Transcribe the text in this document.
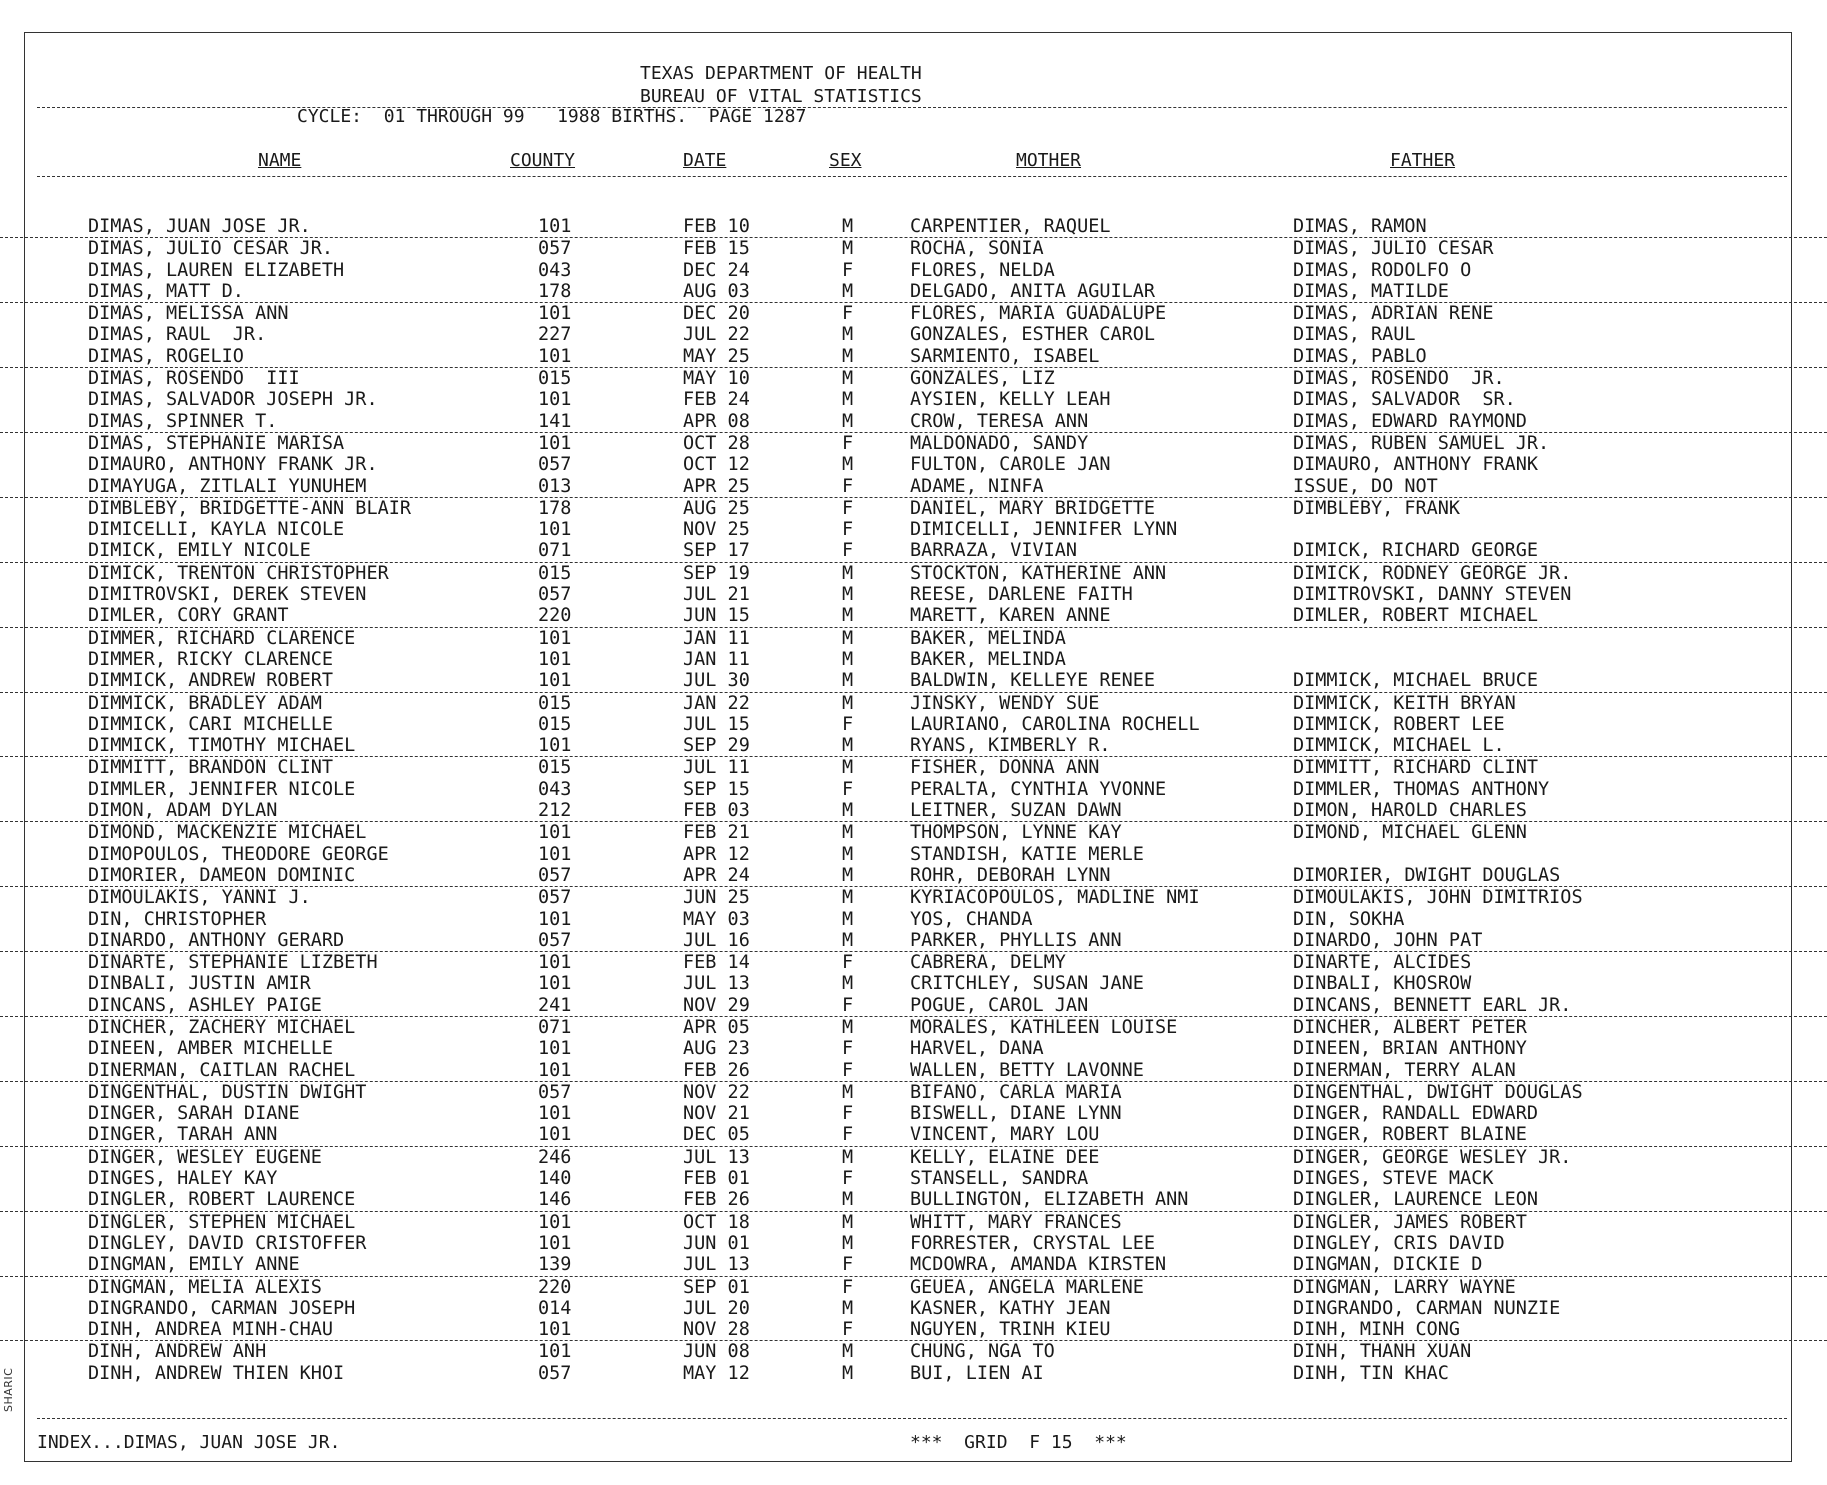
SHARIC
TEXAS DEPARTMENT OF HEALTH
BUREAU OF VITAL STATISTICS
CYCLE:  01 THROUGH 99   1988 BIRTHS.  PAGE 1287
NAME	COUNTY	DATE	SEX	MOTHER	FATHER
DIMAS, JUAN JOSE JR.	101	FEB 10	M	CARPENTIER, RAQUEL	DIMAS, RAMON
DIMAS, JULIO CESAR JR.	057	FEB 15	M	ROCHA, SONIA	DIMAS, JULIO CESAR
DIMAS, LAUREN ELIZABETH	043	DEC 24	F	FLORES, NELDA	DIMAS, RODOLFO O
DIMAS, MATT D.	178	AUG 03	M	DELGADO, ANITA AGUILAR	DIMAS, MATILDE
DIMAS, MELISSA ANN	101	DEC 20	F	FLORES, MARIA GUADALUPE	DIMAS, ADRIAN RENE
DIMAS, RAUL  JR.	227	JUL 22	M	GONZALES, ESTHER CAROL	DIMAS, RAUL
DIMAS, ROGELIO	101	MAY 25	M	SARMIENTO, ISABEL	DIMAS, PABLO
DIMAS, ROSENDO  III	015	MAY 10	M	GONZALES, LIZ	DIMAS, ROSENDO  JR.
DIMAS, SALVADOR JOSEPH JR.	101	FEB 24	M	AYSIEN, KELLY LEAH	DIMAS, SALVADOR  SR.
DIMAS, SPINNER T.	141	APR 08	M	CROW, TERESA ANN	DIMAS, EDWARD RAYMOND
DIMAS, STEPHANIE MARISA	101	OCT 28	F	MALDONADO, SANDY	DIMAS, RUBEN SAMUEL JR.
DIMAURO, ANTHONY FRANK JR.	057	OCT 12	M	FULTON, CAROLE JAN	DIMAURO, ANTHONY FRANK
DIMAYUGA, ZITLALI YUNUHEM	013	APR 25	F	ADAME, NINFA	ISSUE, DO NOT
DIMBLEBY, BRIDGETTE-ANN BLAIR	178	AUG 25	F	DANIEL, MARY BRIDGETTE	DIMBLEBY, FRANK
DIMICELLI, KAYLA NICOLE	101	NOV 25	F	DIMICELLI, JENNIFER LYNN
DIMICK, EMILY NICOLE	071	SEP 17	F	BARRAZA, VIVIAN	DIMICK, RICHARD GEORGE
DIMICK, TRENTON CHRISTOPHER	015	SEP 19	M	STOCKTON, KATHERINE ANN	DIMICK, RODNEY GEORGE JR.
DIMITROVSKI, DEREK STEVEN	057	JUL 21	M	REESE, DARLENE FAITH	DIMITROVSKI, DANNY STEVEN
DIMLER, CORY GRANT	220	JUN 15	M	MARETT, KAREN ANNE	DIMLER, ROBERT MICHAEL
DIMMER, RICHARD CLARENCE	101	JAN 11	M	BAKER, MELINDA
DIMMER, RICKY CLARENCE	101	JAN 11	M	BAKER, MELINDA
DIMMICK, ANDREW ROBERT	101	JUL 30	M	BALDWIN, KELLEYE RENEE	DIMMICK, MICHAEL BRUCE
DIMMICK, BRADLEY ADAM	015	JAN 22	M	JINSKY, WENDY SUE	DIMMICK, KEITH BRYAN
DIMMICK, CARI MICHELLE	015	JUL 15	F	LAURIANO, CAROLINA ROCHELL	DIMMICK, ROBERT LEE
DIMMICK, TIMOTHY MICHAEL	101	SEP 29	M	RYANS, KIMBERLY R.	DIMMICK, MICHAEL L.
DIMMITT, BRANDON CLINT	015	JUL 11	M	FISHER, DONNA ANN	DIMMITT, RICHARD CLINT
DIMMLER, JENNIFER NICOLE	043	SEP 15	F	PERALTA, CYNTHIA YVONNE	DIMMLER, THOMAS ANTHONY
DIMON, ADAM DYLAN	212	FEB 03	M	LEITNER, SUZAN DAWN	DIMON, HAROLD CHARLES
DIMOND, MACKENZIE MICHAEL	101	FEB 21	M	THOMPSON, LYNNE KAY	DIMOND, MICHAEL GLENN
DIMOPOULOS, THEODORE GEORGE	101	APR 12	M	STANDISH, KATIE MERLE
DIMORIER, DAMEON DOMINIC	057	APR 24	M	ROHR, DEBORAH LYNN	DIMORIER, DWIGHT DOUGLAS
DIMOULAKIS, YANNI J.	057	JUN 25	M	KYRIACOPOULOS, MADLINE NMI	DIMOULAKIS, JOHN DIMITRIOS
DIN, CHRISTOPHER	101	MAY 03	M	YOS, CHANDA	DIN, SOKHA
DINARDO, ANTHONY GERARD	057	JUL 16	M	PARKER, PHYLLIS ANN	DINARDO, JOHN PAT
DINARTE, STEPHANIE LIZBETH	101	FEB 14	F	CABRERA, DELMY	DINARTE, ALCIDES
DINBALI, JUSTIN AMIR	101	JUL 13	M	CRITCHLEY, SUSAN JANE	DINBALI, KHOSROW
DINCANS, ASHLEY PAIGE	241	NOV 29	F	POGUE, CAROL JAN	DINCANS, BENNETT EARL JR.
DINCHER, ZACHERY MICHAEL	071	APR 05	M	MORALES, KATHLEEN LOUISE	DINCHER, ALBERT PETER
DINEEN, AMBER MICHELLE	101	AUG 23	F	HARVEL, DANA	DINEEN, BRIAN ANTHONY
DINERMAN, CAITLAN RACHEL	101	FEB 26	F	WALLEN, BETTY LAVONNE	DINERMAN, TERRY ALAN
DINGENTHAL, DUSTIN DWIGHT	057	NOV 22	M	BIFANO, CARLA MARIA	DINGENTHAL, DWIGHT DOUGLAS
DINGER, SARAH DIANE	101	NOV 21	F	BISWELL, DIANE LYNN	DINGER, RANDALL EDWARD
DINGER, TARAH ANN	101	DEC 05	F	VINCENT, MARY LOU	DINGER, ROBERT BLAINE
DINGER, WESLEY EUGENE	246	JUL 13	M	KELLY, ELAINE DEE	DINGER, GEORGE WESLEY JR.
DINGES, HALEY KAY	140	FEB 01	F	STANSELL, SANDRA	DINGES, STEVE MACK
DINGLER, ROBERT LAURENCE	146	FEB 26	M	BULLINGTON, ELIZABETH ANN	DINGLER, LAURENCE LEON
DINGLER, STEPHEN MICHAEL	101	OCT 18	M	WHITT, MARY FRANCES	DINGLER, JAMES ROBERT
DINGLEY, DAVID CRISTOFFER	101	JUN 01	M	FORRESTER, CRYSTAL LEE	DINGLEY, CRIS DAVID
DINGMAN, EMILY ANNE	139	JUL 13	F	MCDOWRA, AMANDA KIRSTEN	DINGMAN, DICKIE D
DINGMAN, MELIA ALEXIS	220	SEP 01	F	GEUEA, ANGELA MARLENE	DINGMAN, LARRY WAYNE
DINGRANDO, CARMAN JOSEPH	014	JUL 20	M	KASNER, KATHY JEAN	DINGRANDO, CARMAN NUNZIE
DINH, ANDREA MINH-CHAU	101	NOV 28	F	NGUYEN, TRINH KIEU	DINH, MINH CONG
DINH, ANDREW ANH	101	JUN 08	M	CHUNG, NGA TO	DINH, THANH XUAN
DINH, ANDREW THIEN KHOI	057	MAY 12	M	BUI, LIEN AI	DINH, TIN KHAC
INDEX...DIMAS, JUAN JOSE JR.	***  GRID  F 15  ***
